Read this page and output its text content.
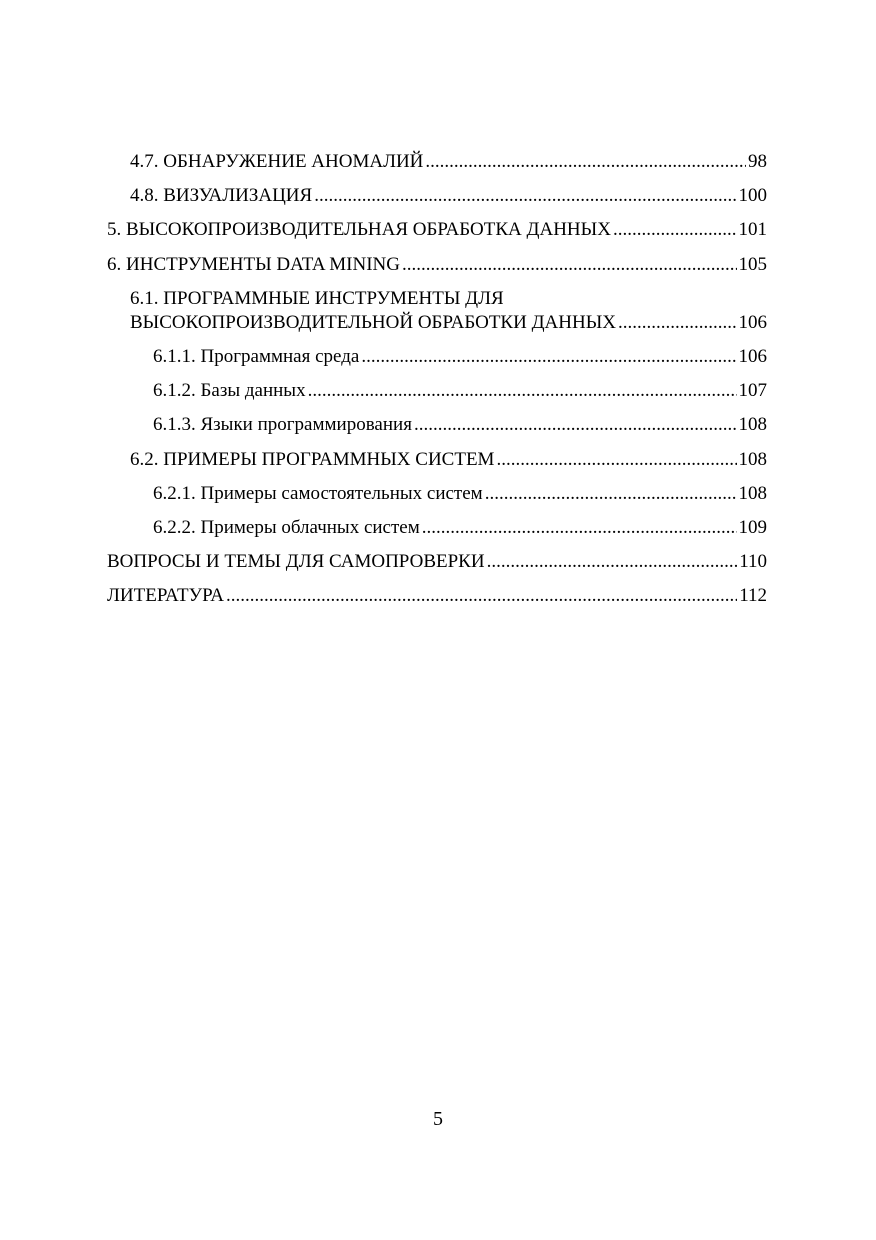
4.7. ОБНАРУЖЕНИЕ АНОМАЛИЙ .....	98
4.8. ВИЗУАЛИЗАЦИЯ .....	100
5. ВЫСОКОПРОИЗВОДИТЕЛЬНАЯ ОБРАБОТКА ДАННЫХ .....	101
6. ИНСТРУМЕНТЫ DATA MINING .....	105
6.1. ПРОГРАММНЫЕ ИНСТРУМЕНТЫ ДЛЯ
ВЫСОКОПРОИЗВОДИТЕЛЬНОЙ ОБРАБОТКИ ДАННЫХ .....	106
6.1.1. Программная среда .....	106
6.1.2. Базы данных .....	107
6.1.3. Языки программирования .....	108
6.2. ПРИМЕРЫ ПРОГРАММНЫХ СИСТЕМ .....	108
6.2.1. Примеры самостоятельных систем .....	108
6.2.2. Примеры облачных систем .....	109
ВОПРОСЫ И ТЕМЫ ДЛЯ САМОПРОВЕРКИ .....	110
ЛИТЕРАТУРА .....	112
5
